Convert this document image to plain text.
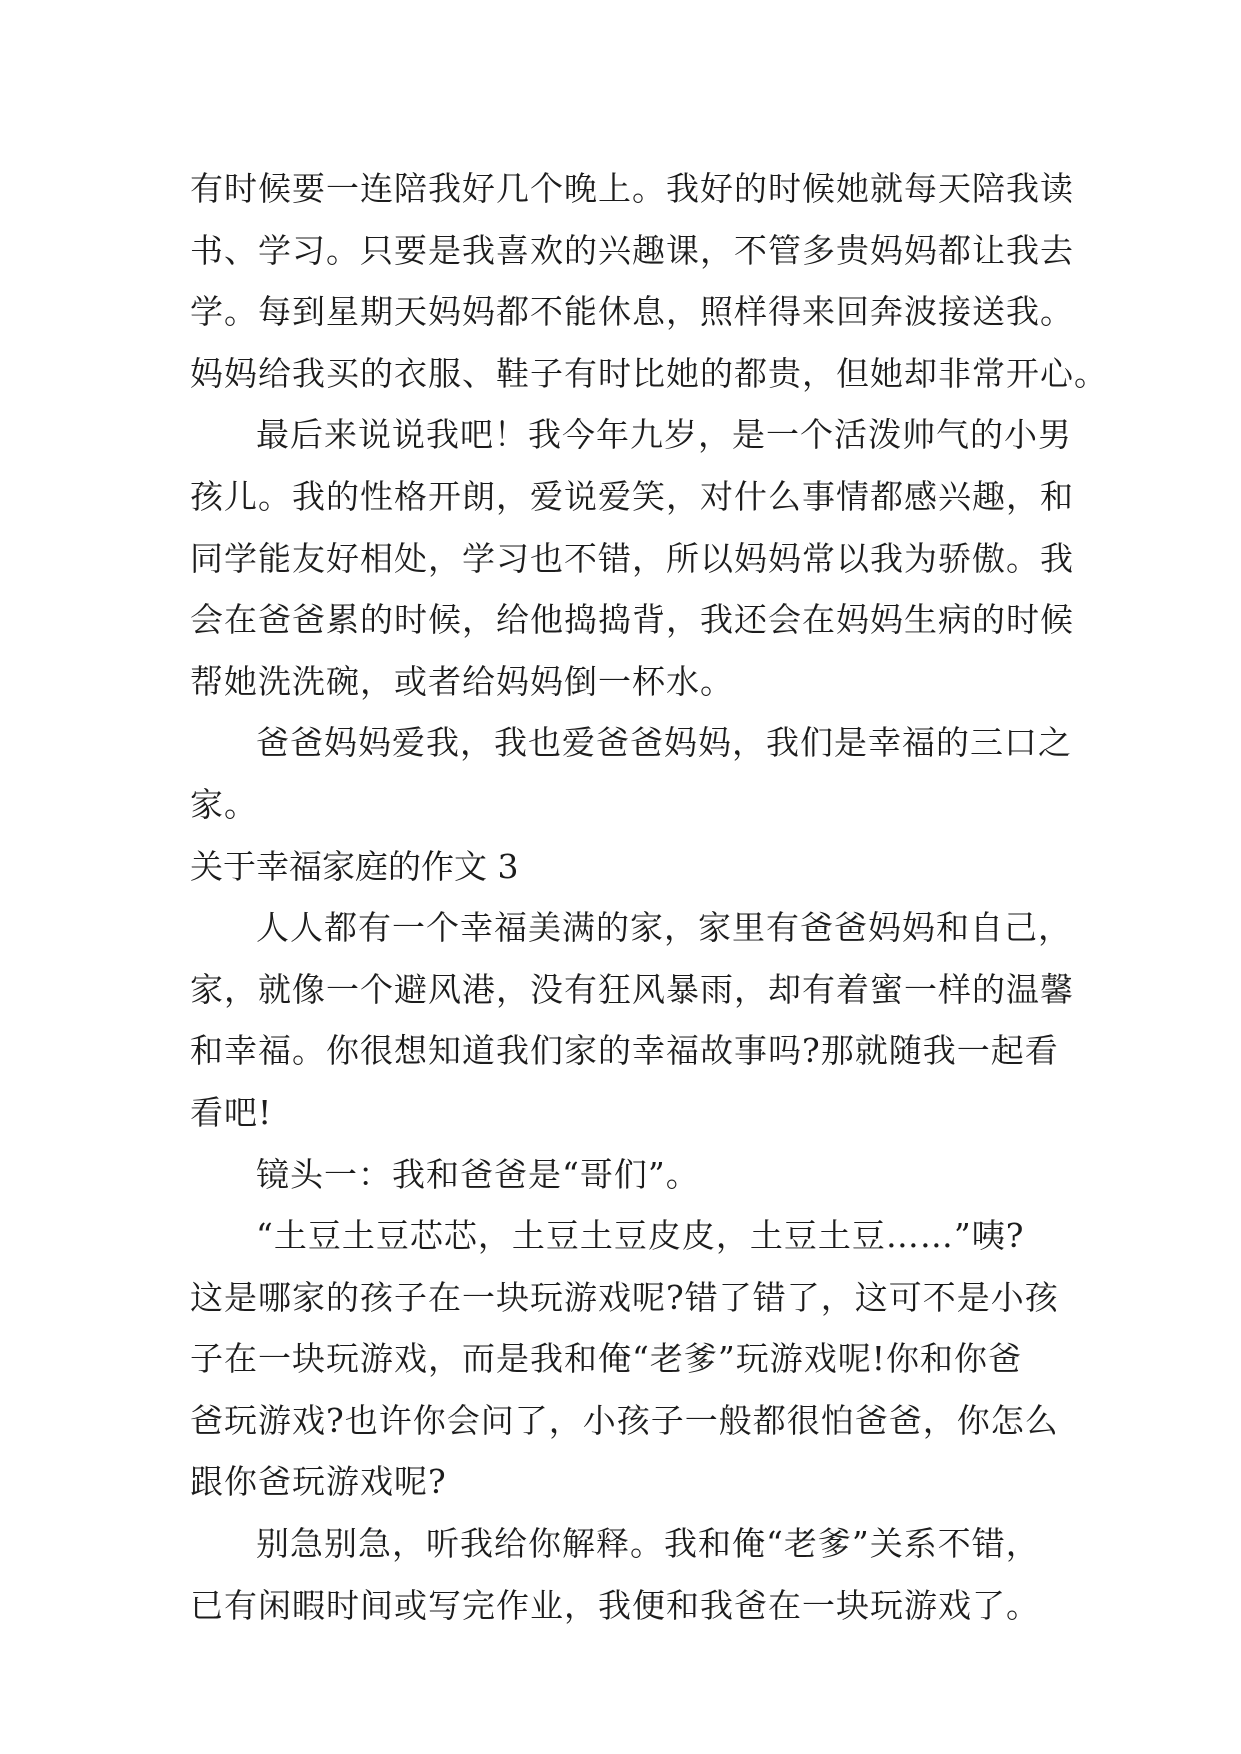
有时候要一连陪我好几个晚上。我好的时候她就每天陪我读
书、学习。只要是我喜欢的兴趣课，不管多贵妈妈都让我去
学。每到星期天妈妈都不能休息，照样得来回奔波接送我。
妈妈给我买的衣服、鞋子有时比她的都贵，但她却非常开心。
最后来说说我吧！我今年九岁，是一个活泼帅气的小男
孩儿。我的性格开朗，爱说爱笑，对什么事情都感兴趣，和
同学能友好相处，学习也不错，所以妈妈常以我为骄傲。我
会在爸爸累的时候，给他捣捣背，我还会在妈妈生病的时候
帮她洗洗碗，或者给妈妈倒一杯水。
爸爸妈妈爱我，我也爱爸爸妈妈，我们是幸福的三口之
家。
关于幸福家庭的作文 3
人人都有一个幸福美满的家，家里有爸爸妈妈和自己，
家，就像一个避风港，没有狂风暴雨，却有着蜜一样的温馨
和幸福。你很想知道我们家的幸福故事吗?那就随我一起看
看吧!
镜头一：我和爸爸是“哥们”。
“土豆土豆芯芯，土豆土豆皮皮，土豆土豆……”咦?
这是哪家的孩子在一块玩游戏呢?错了错了，这可不是小孩
子在一块玩游戏，而是我和俺“老爹”玩游戏呢!你和你爸
爸玩游戏?也许你会问了，小孩子一般都很怕爸爸，你怎么
跟你爸玩游戏呢?
别急别急，听我给你解释。我和俺“老爹”关系不错，
已有闲暇时间或写完作业，我便和我爸在一块玩游戏了。
